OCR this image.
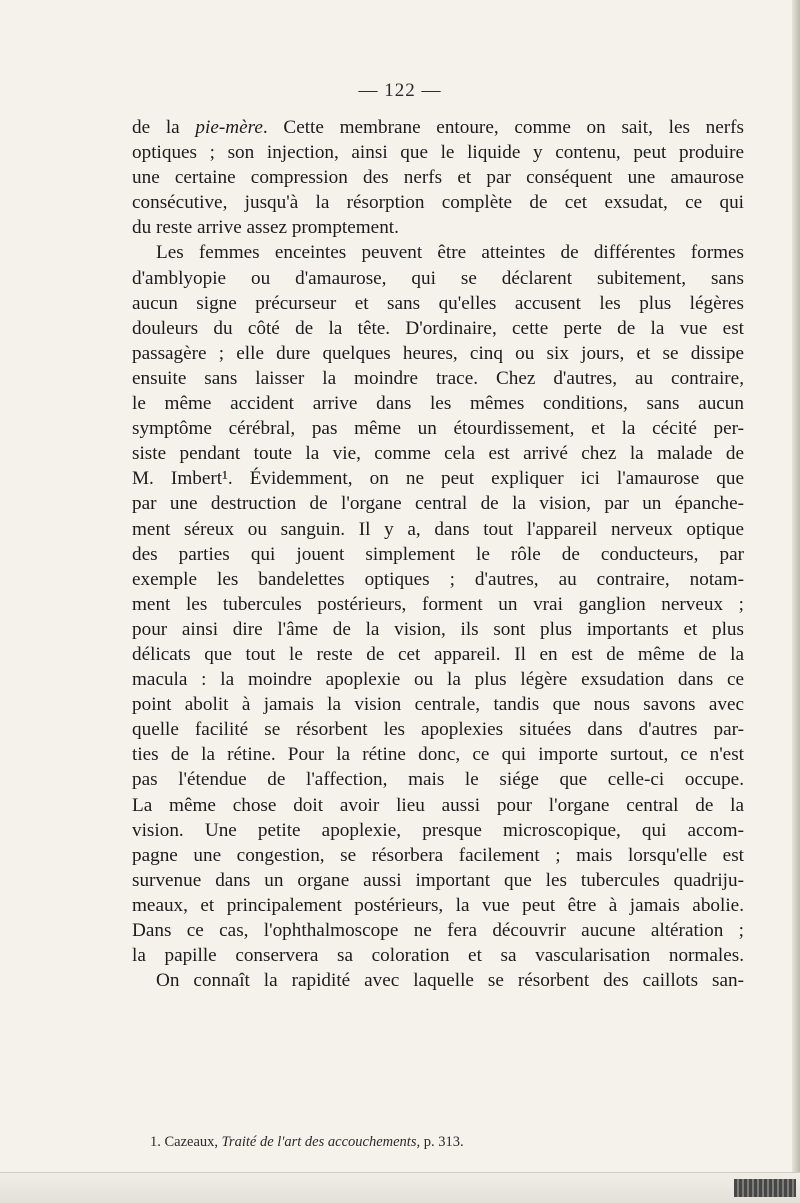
— 122 —
de la pie-mère. Cette membrane entoure, comme on sait, les nerfs
optiques ; son injection, ainsi que le liquide y contenu, peut produire
une certaine compression des nerfs et par conséquent une amaurose
consécutive, jusqu'à la résorption complète de cet exsudat, ce qui
du reste arrive assez promptement.
Les femmes enceintes peuvent être atteintes de différentes formes
d'amblyopie ou d'amaurose, qui se déclarent subitement, sans
aucun signe précurseur et sans qu'elles accusent les plus légères
douleurs du côté de la tête. D'ordinaire, cette perte de la vue est
passagère ; elle dure quelques heures, cinq ou six jours, et se dissipe
ensuite sans laisser la moindre trace. Chez d'autres, au contraire,
le même accident arrive dans les mêmes conditions, sans aucun
symptôme cérébral, pas même un étourdissement, et la cécité per-
siste pendant toute la vie, comme cela est arrivé chez la malade de
M. Imbert¹. Évidemment, on ne peut expliquer ici l'amaurose que
par une destruction de l'organe central de la vision, par un épanche-
ment séreux ou sanguin. Il y a, dans tout l'appareil nerveux optique
des parties qui jouent simplement le rôle de conducteurs, par
exemple les bandelettes optiques ; d'autres, au contraire, notam-
ment les tubercules postérieurs, forment un vrai ganglion nerveux ;
pour ainsi dire l'âme de la vision, ils sont plus importants et plus
délicats que tout le reste de cet appareil. Il en est de même de la
macula : la moindre apoplexie ou la plus légère exsudation dans ce
point abolit à jamais la vision centrale, tandis que nous savons avec
quelle facilité se résorbent les apoplexies situées dans d'autres par-
ties de la rétine. Pour la rétine donc, ce qui importe surtout, ce n'est
pas l'étendue de l'affection, mais le siége que celle-ci occupe.
La même chose doit avoir lieu aussi pour l'organe central de la
vision. Une petite apoplexie, presque microscopique, qui accom-
pagne une congestion, se résorbera facilement ; mais lorsqu'elle est
survenue dans un organe aussi important que les tubercules quadriju-
meaux, et principalement postérieurs, la vue peut être à jamais abolie.
Dans ce cas, l'ophthalmoscope ne fera découvrir aucune altération ;
la papille conservera sa coloration et sa vascularisation normales.
On connaît la rapidité avec laquelle se résorbent des caillots san-
1. Cazeaux, Traité de l'art des accouchements, p. 313.
